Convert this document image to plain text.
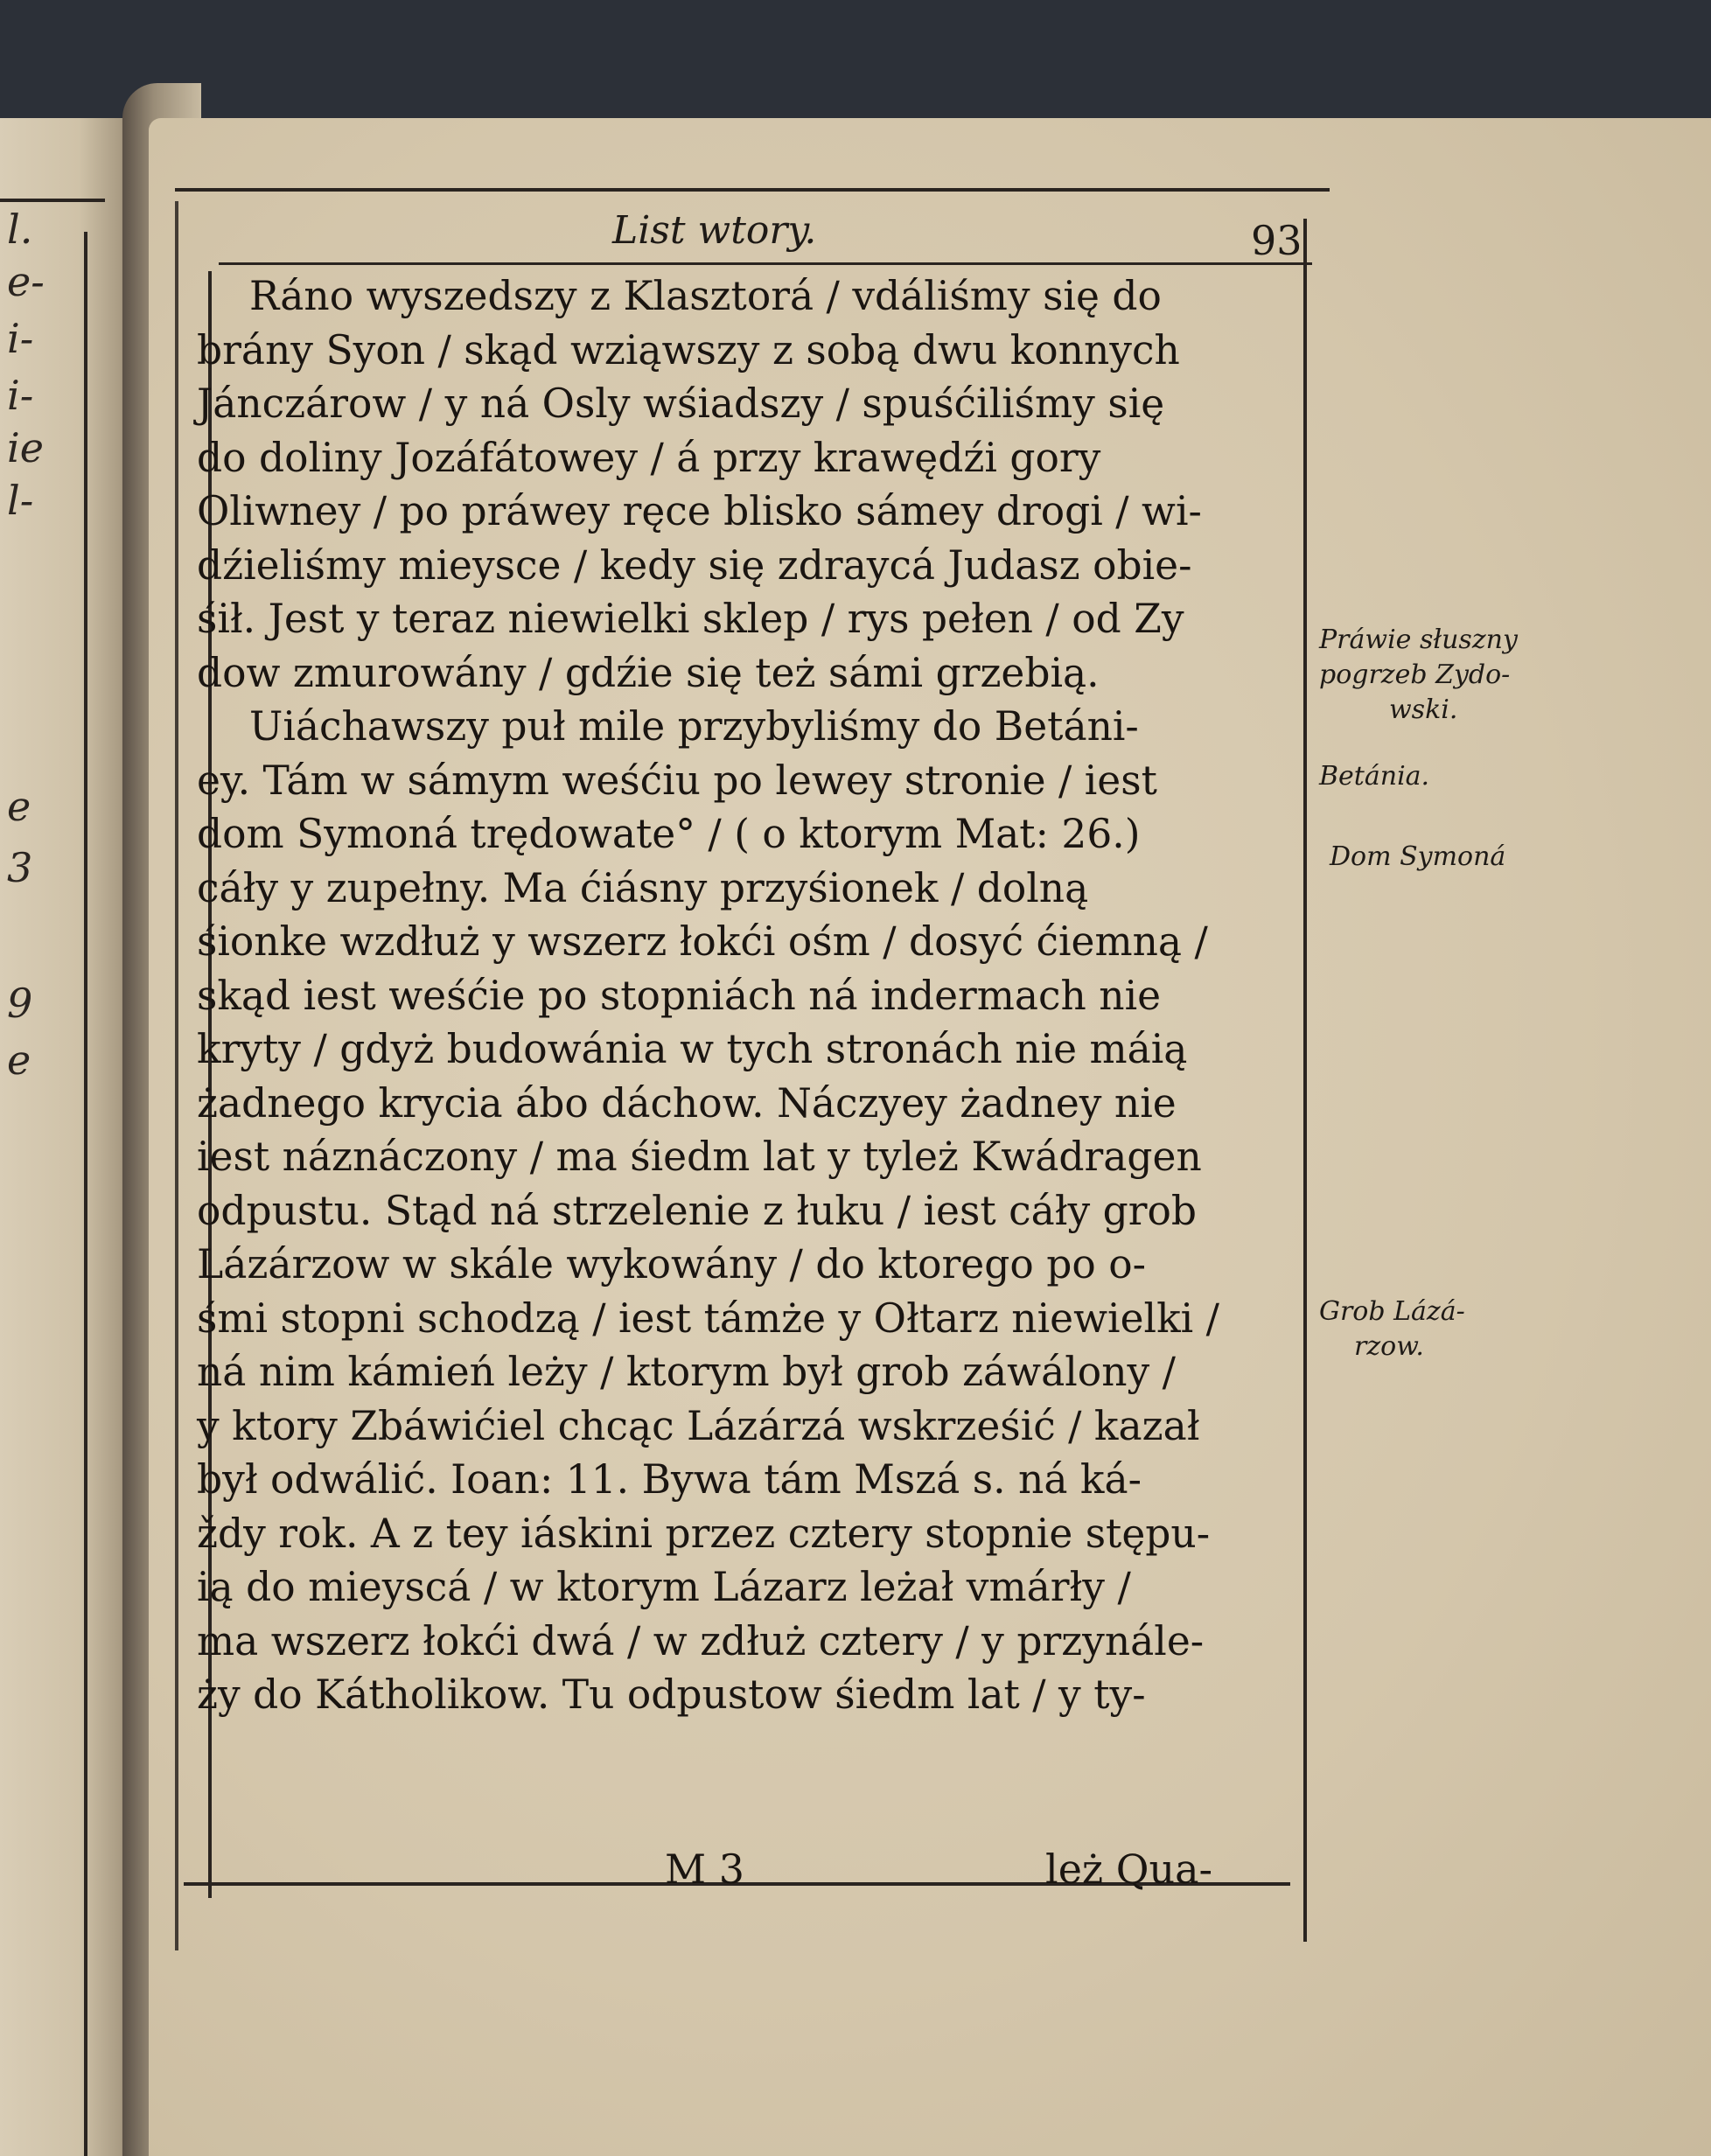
l.
e-
i-
i-
ie
l-
e
3
9
e
List wtory.	93
Ráno wyszedszy z Klasztorá / vdáliśmy się do
brány Syon / skąd wziąwszy z sobą dwu konnych
Jánczárow / y ná Osly wśiadszy / spuśćiliśmy się
do doliny Jozáfátowey / á przy krawędźi gory
Oliwney / po práwey ręce blisko sámey drogi / wi-
dźieliśmy mieysce / kedy się zdraycá Judasz obie-
śił. Jest y teraz niewielki sklep / rys pełen / od Zy
dow zmurowány / gdźie się też sámi grzebią.
Uiáchawszy puł mile przybyliśmy do Betáni-
ey. Tám w sámym weśćiu po lewey stronie / iest
dom Symoná trędowate° / ( o ktorym Mat: 26.)
cáły y zupełny. Ma ćiásny przyśionek / dolną
śionke wzdłuż y wszerz łokći ośm / dosyć ćiemną /
skąd iest weśćie po stopniách ná indermach nie
kryty / gdyż budowánia w tych stronách nie máią
żadnego krycia ábo dáchow. Náczyey żadney nie
iest náznáczony / ma śiedm lat y tyleż Kwádragen
odpustu. Stąd ná strzelenie z łuku / iest cáły grob
Lázárzow w skále wykowány / do ktorego po o-
śmi stopni schodzą / iest támże y Ołtarz niewielki /
ná nim kámień leży / ktorym był grob záwálony /
y ktory Zbáwićiel chcąc Lázárzá wskrześić / kazał
był odwálić. Ioan: 11. Bywa tám Mszá s. ná ká-
ždy rok. A z tey iáskini przez cztery stopnie stępu-
ią do mieyscá / w ktorym Lázarz leżał vmárły /
ma wszerz łokći dwá / w zdłuż cztery / y przynále-
ży do Kátholikow. Tu odpustow śiedm lat / y ty-
M 3	leż Qua-
Práwie słuszny
pogrzeb Zydo-
wski.
Betánia.
Dom Symoná
Grob Lázá-
rzow.
